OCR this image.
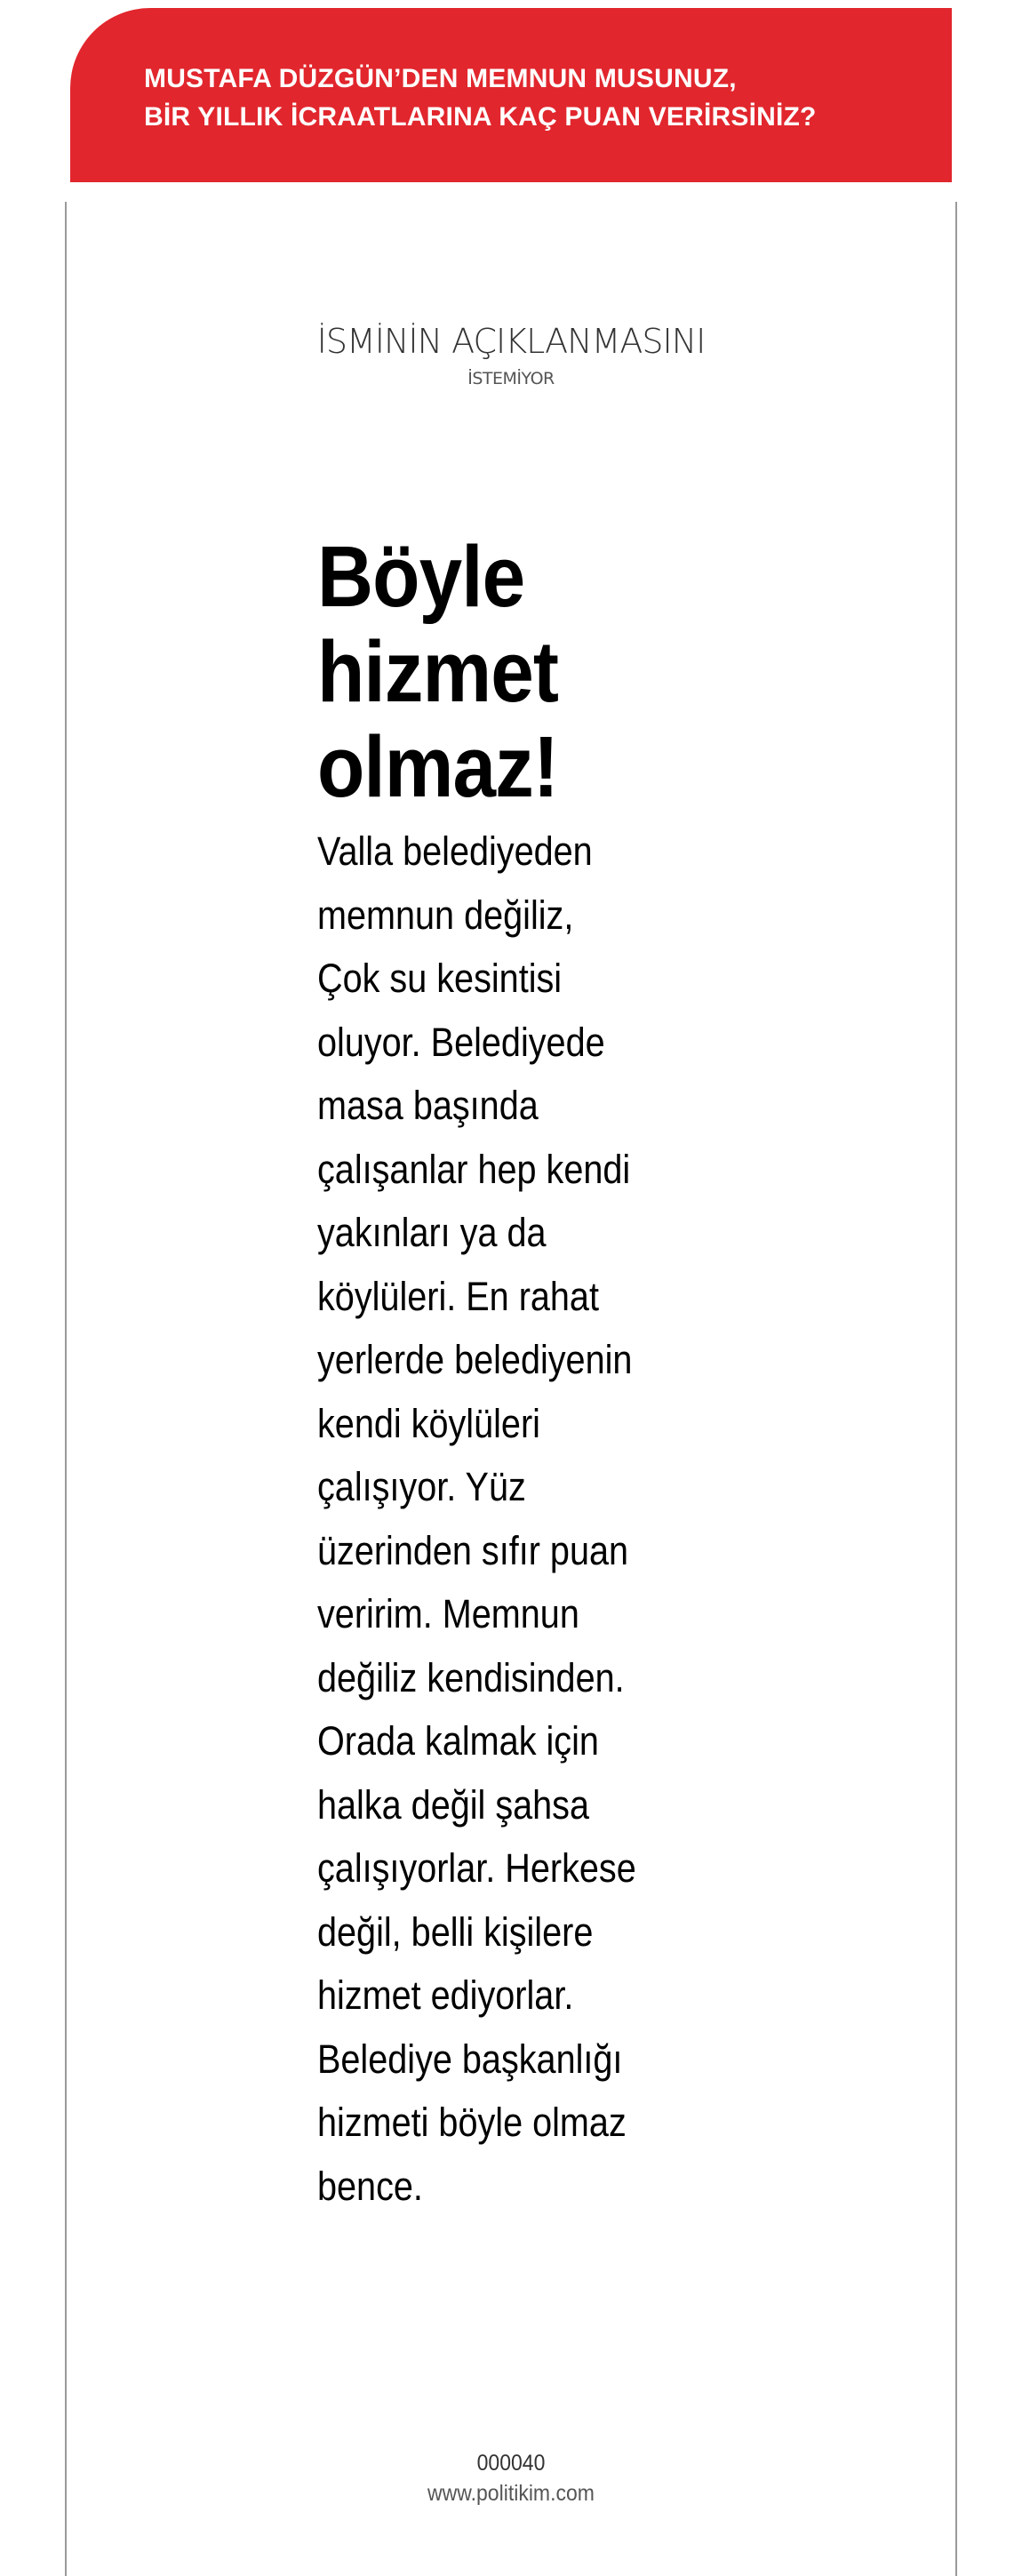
MUSTAFA DÜZGÜN’DEN MEMNUN MUSUNUZ,
BİR YILLIK İCRAATLARINA KAÇ PUAN VERİRSİNİZ?
İSMİNİN AÇIKLANMASINI
İSTEMİYOR
Böyle
hizmet
olmaz!
Valla belediyeden
memnun değiliz,
Çok su kesintisi
oluyor. Belediyede
masa başında
çalışanlar hep kendi
yakınları ya da
köylüleri. En rahat
yerlerde belediyenin
kendi köylüleri
çalışıyor. Yüz
üzerinden sıfır puan
veririm. Memnun
değiliz kendisinden.
Orada kalmak için
halka değil şahsa
çalışıyorlar. Herkese
değil, belli kişilere
hizmet ediyorlar.
Belediye başkanlığı
hizmeti böyle olmaz
bence.
000040
www.politikim.com
